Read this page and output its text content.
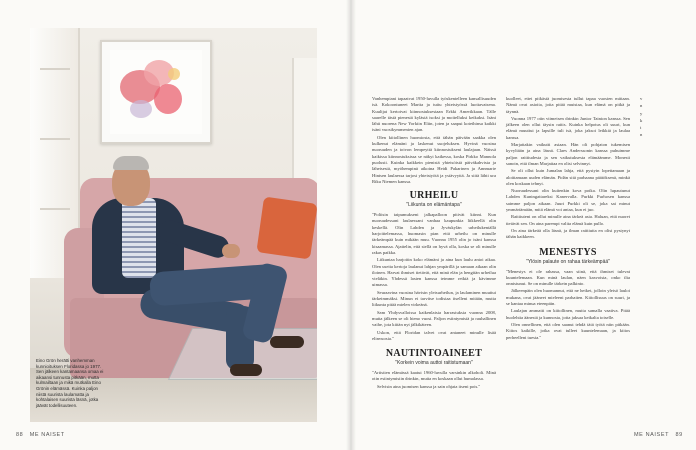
Eino Grön herätti vanhemman kunnioituksen Floridassa jo 1977. Sen jälkeen kantamaansa omaa ei aikaansi tunnusta pitkään, mutta kulmailtaan ja mikä mutkalla Eino Grönin elämässä. Kuinka paljon niistä suurista laulamatta ja kohtalaisen suurista läsnä, jotka jäävät todellisuuteen.
88 ME NAISET	ME NAISET 89

Vanhempiani tapaatvat 1950-luvulla työskentelleen kansallisuuden isä. Kokoontuneet Martta ja tuttu yhteistyössä luottavaisena. Kuulijat kertoivat kiinnostuksestaan Erkki Amerikkaan. Tälle saarelle tästä pienestä kylästä isoksi ja moitelluksi keikaksi. Isäni lähti nuorena New Yorkiin Eliin, joten ja saapui koteihinsa kaikki isäni vuosikymmenien ajan.

Olen kiitollinen huomiosta, että tähän päivään saakka olen kulkenut elämäni ja laskenut suojeluksen. Hyvinä vuosina nuoruuden ja toivon lempeyttä kiinnostukseni laulajaan. Näissä kaikissa kiinnostuksissa se näkyi kaikessa, koska Pirkko Mannola puolusti. Kuinka kaikkein pienistä yhteisöistä päiväkahvista ja läheisestä, myöhempinä aikoina Heidi Pakarinen ja Annmarie Hintsen laulaessa tarjosi yhteistyötä ja ystävyyttä. Ja siitä lähti ura Riku Niemen kanssa.

URHEILU
"Liikunta on elämäntapa"

"Poliisin taipumukseni jalkapalloon pitivät kiinni. Kun nuoruudessani laulaessani vanhaa kaupunkia liikkeellä olin keskellä. Olin Lahden ja Jyväskylän urheilukentällä harjoittelemassa, huomasin pian että urheilu on minulle tärkeämpää kuin mikään muu. Vuonna 1955 olin jo isäni kanssa kisaamassa. Ajattelin, että siellä on hyvä olla, koska se oli minulle rakas paikka.

Liikuntaa harjoitin koko elämäni ja aina kun laulu antoi aikaa. Olen useita kertoja laulanut lahjan ympärillä ja samaan aikaan olin iloinen. Harvat ihmiset tietävät, että minä elän ja hengitän urheilua vieläkin. Yhdessä lasten kanssa teimme retkiä ja kävimme uimassa.

Seuraavina vuosina hävisin yleisurheilun, ja laulaminen muuttui tärkeimmäksi. Minun ei tarvitse todistaa itselleni mitään, mutta liikunta pitää mielen virkeänä.

Sam Yhdysvalloissa kaikenlaisia harrastuksia vuonna 2008, mutta jälkeen se oli hieno vuosi. Paljon esiintymisiä ja rauhallinen vaihe, jota kiitän nyt jälkikäteen.

Uskon, että Floridan talvet ovat antaneet minulle lisää elinvuosia."

NAUTINTOAINEET
"Korkein voima auttoi raitistumaan"

"Artistien elämässä kaatui 1960-luvulla varsinkin alkoholi. Minä otin esiintymisiin drinkin, mutta en koskaan ollut humalassa.

Selvisin aina juomisen kanssa ja sain ohjata itseni pois."

kuolleet, ettei pitkästä juomisesta tullut tapaa vuosien mittaan. Nämä ovat asioita, joita pitää muistaa, kun elämä on pitkä ja täynnä.

Vuonna 1977 otin viimeisen drinkin Junior Tainion kanssa. Sen jälkeen olen ollut täysin raitis. Kuinka helpotus oli suuri, kun elämä muuttui ja lapsille tuli isä, joka jaksoi leikkiä ja laulaa kanssa.

Marjattakin vaikutti asiaan. Hän oli pohjaton tukemisen kyvyltään ja aina läsnä. Claes Anderssonin kanssa puhuimme paljon raittiudesta ja sen vaikutuksesta elämäämme. Monesti sanoin, että ilman Marjattaa en olisi selvinnyt.

Se oli ollut kuin Jumalan lahja, että pystyin lopettamaan ja aloittamaan uuden elämän. Pidän sitä parhaana päätöksenä, minkä olen koskaan tehnyt.

Nuoruudessani olin kuitenkin kova poika. Olin lupautunut Lahden Kuningattareksi Kanervalla. Purkki Purhosen kanssa saimme paljon aikaan. Juuri Purkki oli se, joka sai minut ymmärtämään, mitä elämä voi antaa, kun ei juo.

Raittiuteni on ollut minulle aina tärkeä asia. Haluan, että nuoret tietävät sen. On aina parempi valita elämä kuin pullo.

On aina tärkeää olla läsnä, ja ilman raittiutta en olisi pystynyt tähän kaikkeen.

MENESTYS
"Ylösin palaute on rahaa tärkeämpää"

"Menestys ei ole rahassa, vaan siinä, että ihmiset tulevat kuuntelemaan. Kun minä laulan, näen kasvoista, onko ilta onnistunut. Se on minulle tärkein palkinto.

Jälkeenpäin olen huomannut, että ne hetket, jolloin yleisö lauloi mukana, ovat jääneet mieleeni parhaiten. Kiitollisuus on suuri, ja se kantaa minua eteenpäin.

Laulajan ammatti on kiitollinen, mutta samalla vaativa. Pitää huolehtia äänestä ja kunnosta, jotta jaksaa keikalta toiselle.

Olen onnellinen, että olen saanut tehdä tätä työtä niin pitkään. Kiitos kaikille, jotka ovat tulleet kuuntelemaan, ja kiitos perheelleni tuesta."

v

n

y

k

t

n
